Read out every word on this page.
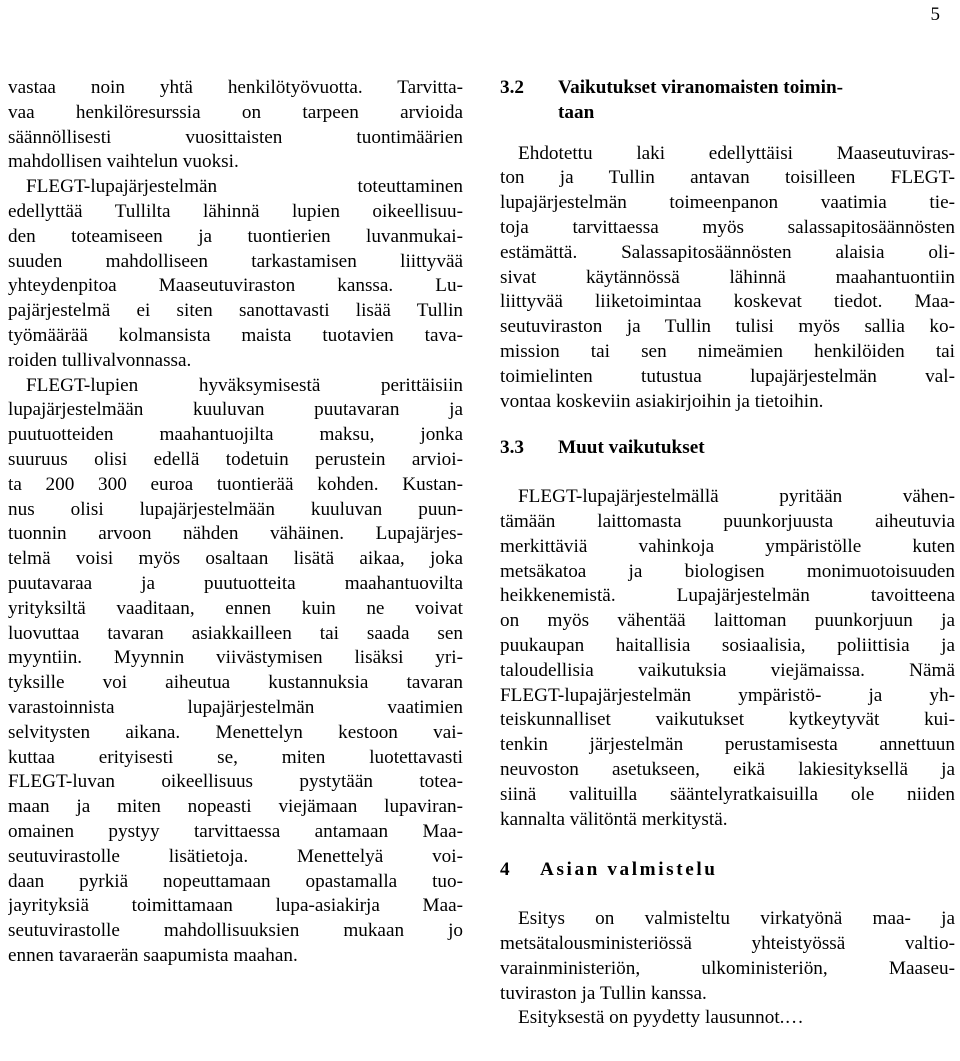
5
vastaa noin yhtä henkilötyövuotta. Tarvitta-
vaa henkilöresurssia on tarpeen arvioida
säännöllisesti vuosittaisten tuontimäärien
mahdollisen vaihtelun vuoksi.
FLEGT-lupajärjestelmän toteuttaminen
edellyttää Tullilta lähinnä lupien oikeellisuu-
den toteamiseen ja tuontierien luvanmukai-
suuden mahdolliseen tarkastamisen liittyvää
yhteydenpitoa Maaseutuviraston kanssa. Lu-
pajärjestelmä ei siten sanottavasti lisää Tullin
työmäärää kolmansista maista tuotavien tava-
roiden tullivalvonnassa.
FLEGT-lupien hyväksymisestä perittäisiin
lupajärjestelmään kuuluvan puutavaran ja
puutuotteiden maahantuojilta maksu, jonka
suuruus olisi edellä todetuin perustein arvioi-
ta 200 300 euroa tuontierää kohden. Kustan-
nus olisi lupajärjestelmään kuuluvan puun-
tuonnin arvoon nähden vähäinen. Lupajärjes-
telmä voisi myös osaltaan lisätä aikaa, joka
puutavaraa ja puutuotteita maahantuovilta
yrityksiltä vaaditaan, ennen kuin ne voivat
luovuttaa tavaran asiakkailleen tai saada sen
myyntiin. Myynnin viivästymisen lisäksi yri-
tyksille voi aiheutua kustannuksia tavaran
varastoinnista lupajärjestelmän vaatimien
selvitysten aikana. Menettelyn kestoon vai-
kuttaa erityisesti se, miten luotettavasti
FLEGT-luvan oikeellisuus pystytään totea-
maan ja miten nopeasti viejämaan lupaviran-
omainen pystyy tarvittaessa antamaan Maa-
seutuvirastolle lisätietoja. Menettelyä voi-
daan pyrkiä nopeuttamaan opastamalla tuo-
jayrityksiä toimittamaan lupa-asiakirja Maa-
seutuvirastolle mahdollisuuksien mukaan jo
ennen tavaraerän saapumista maahan.
3.2	Vaikutukset viranomaisten toimin-
taan
Ehdotettu laki edellyttäisi Maaseutuviras-
ton ja Tullin antavan toisilleen FLEGT-
lupajärjestelmän toimeenpanon vaatimia tie-
toja tarvittaessa myös salassapitosäännösten
estämättä. Salassapitosäännösten alaisia oli-
sivat käytännössä lähinnä maahantuontiin
liittyvää liiketoimintaa koskevat tiedot. Maa-
seutuviraston ja Tullin tulisi myös sallia ko-
mission tai sen nimeämien henkilöiden tai
toimielinten tutustua lupajärjestelmän val-
vontaa koskeviin asiakirjoihin ja tietoihin.
3.3	Muut vaikutukset
FLEGT-lupajärjestelmällä pyritään vähen-
tämään laittomasta puunkorjuusta aiheutuvia
merkittäviä vahinkoja ympäristölle kuten
metsäkatoa ja biologisen monimuotoisuuden
heikkenemistä. Lupajärjestelmän tavoitteena
on myös vähentää laittoman puunkorjuun ja
puukaupan haitallisia sosiaalisia, poliittisia ja
taloudellisia vaikutuksia viejämaissa. Nämä
FLEGT-lupajärjestelmän ympäristö- ja yh-
teiskunnalliset vaikutukset kytkeytyvät kui-
tenkin järjestelmän perustamisesta annettuun
neuvoston asetukseen, eikä lakiesityksellä ja
siinä valituilla sääntelyratkaisuilla ole niiden
kannalta välitöntä merkitystä.
4	Asian valmistelu
Esitys on valmisteltu virkatyönä maa- ja
metsätalousministeriössä yhteistyössä valtio-
varainministeriön, ulkoministeriön, Maaseu-
tuviraston ja Tullin kanssa.
Esityksestä on pyydetty lausunnot.…
